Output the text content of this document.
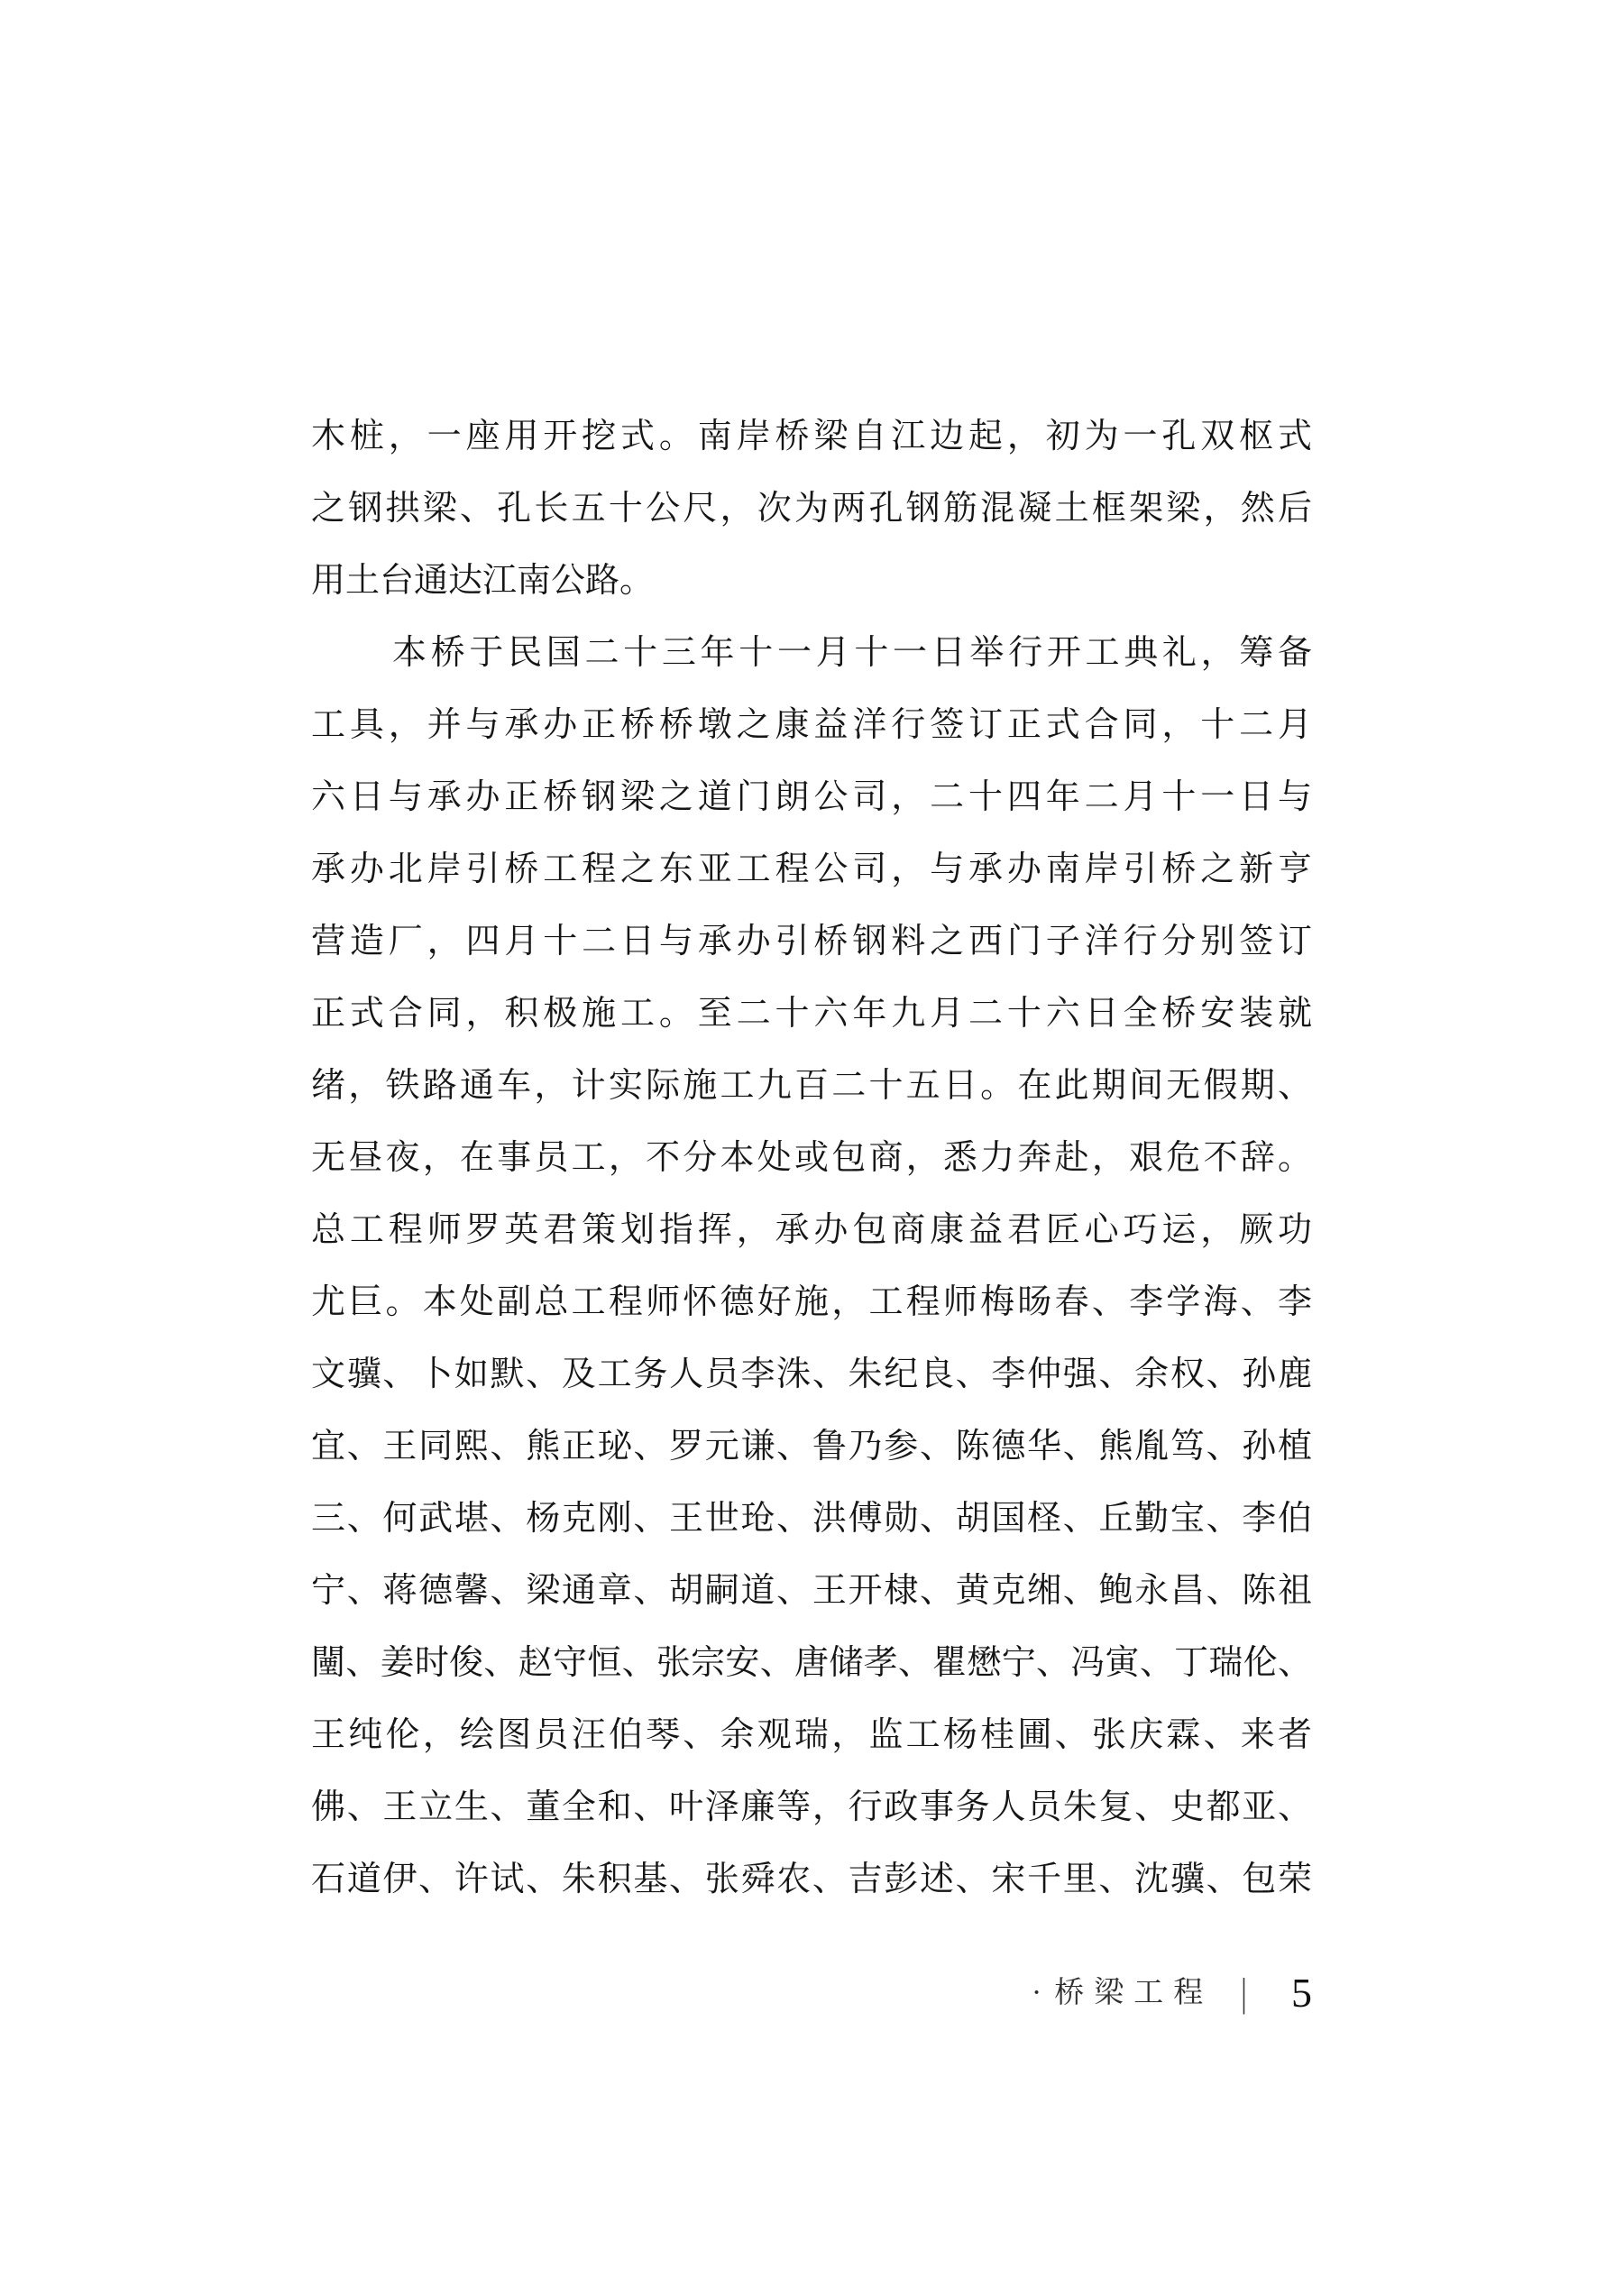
木桩，一座用开挖式。南岸桥梁自江边起，初为一孔双枢式
之钢拱梁、孔长五十公尺，次为两孔钢筋混凝土框架梁，然后
用土台通达江南公路。
本桥于民国二十三年十一月十一日举行开工典礼，筹备
工具，并与承办正桥桥墩之康益洋行签订正式合同，十二月
六日与承办正桥钢梁之道门朗公司，二十四年二月十一日与
承办北岸引桥工程之东亚工程公司，与承办南岸引桥之新亨
营造厂，四月十二日与承办引桥钢料之西门子洋行分别签订
正式合同，积极施工。至二十六年九月二十六日全桥安装就
绪，铁路通车，计实际施工九百二十五日。在此期间无假期、
无昼夜，在事员工，不分本处或包商，悉力奔赴，艰危不辞。
总工程师罗英君策划指挥，承办包商康益君匠心巧运，厥功
尤巨。本处副总工程师怀德好施，工程师梅旸春、李学海、李
文骥、卜如默、及工务人员李洙、朱纪良、李仲强、余权、孙鹿
宜、王同熙、熊正珌、罗元谦、鲁乃参、陈德华、熊胤笃、孙植
三、何武堪、杨克刚、王世玱、洪傅勋、胡国柽、丘勤宝、李伯
宁、蒋德馨、梁通章、胡嗣道、王开棣、黄克缃、鲍永昌、陈祖
闉、姜时俊、赵守恒、张宗安、唐储孝、瞿懋宁、冯寅、丁瑞伦、
王纯伦，绘图员汪伯琴、余观瑞，监工杨桂圃、张庆霖、来者
佛、王立生、董全和、叶泽廉等，行政事务人员朱复、史都亚、
石道伊、许试、朱积基、张舜农、吉彭述、宋千里、沈骥、包荣
· 桥梁工程 | 5
